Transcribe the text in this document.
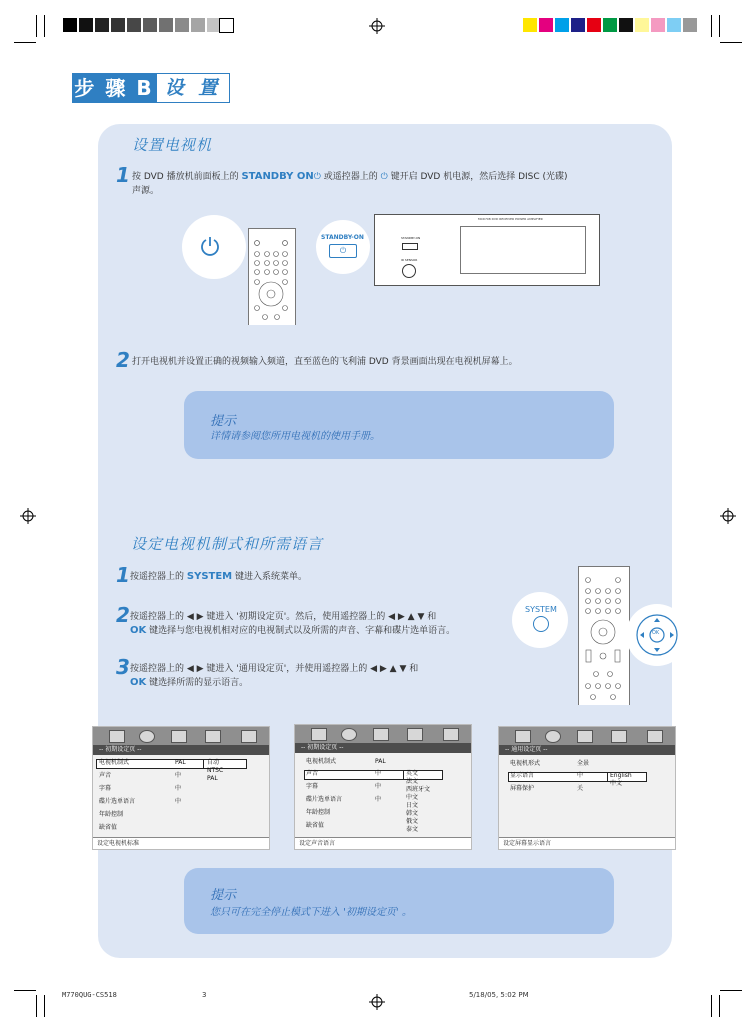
步 骤 B 设 置
设置电视机
1 按 DVD 播放机前面板上的 STANDBY ON⏻ 或遥控器上的 ⏻ 键开启 DVD 机电源，然后选择 DISC (光碟)
声源。
STANDBY-ON
⏻
MCD708 DVD RECEIVER POWER AMPLIFIER
STANDBY-ON
IR SENSOR
2 打开电视机并设置正确的视频输入频道，直至蓝色的飞利浦 DVD 背景画面出现在电视机屏幕上。
提示
详情请参阅您所用电视机的使用手册。
设定电视机制式和所需语言
1 按遥控器上的 SYSTEM 键进入系统菜单。
2 按遥控器上的 ◀ ▶ 键进入 '初期设定页'。然后，使用遥控器上的 ◀ ▶ ▲ ▼ 和
OK 键选择与您电视机相对应的电视制式以及所需的声音、字幕和碟片选单语言。
3 按遥控器上的 ◀ ▶ 键进入 '通用设定页'，并使用遥控器上的 ◀ ▶ ▲ ▼ 和
OK 键选择所需的显示语言。
SYSTEM
OK
-- 初期设定页 --
电视机制式	PAL
声音	中
字幕	中
碟片选单语言	中
年龄控制
缺省值
自动
NTSC
PAL
设定电视机标准
-- 初期设定页 --
电视机制式	PAL
声音	中
字幕	中
碟片选单语言	中
年龄控制
缺省值
英文
法文
西班牙文
中文
日文
韩文
俄文
泰文
设定声音语言
-- 通用设定页 --
电视机形式	全景
显示语言	中
屏幕保护	关
English
中文
设定屏幕显示语言
提示
您只可在完全停止模式下进入 '初期设定页' 。
M770QUG-CS518	3	5/18/05, 5:02 PM
